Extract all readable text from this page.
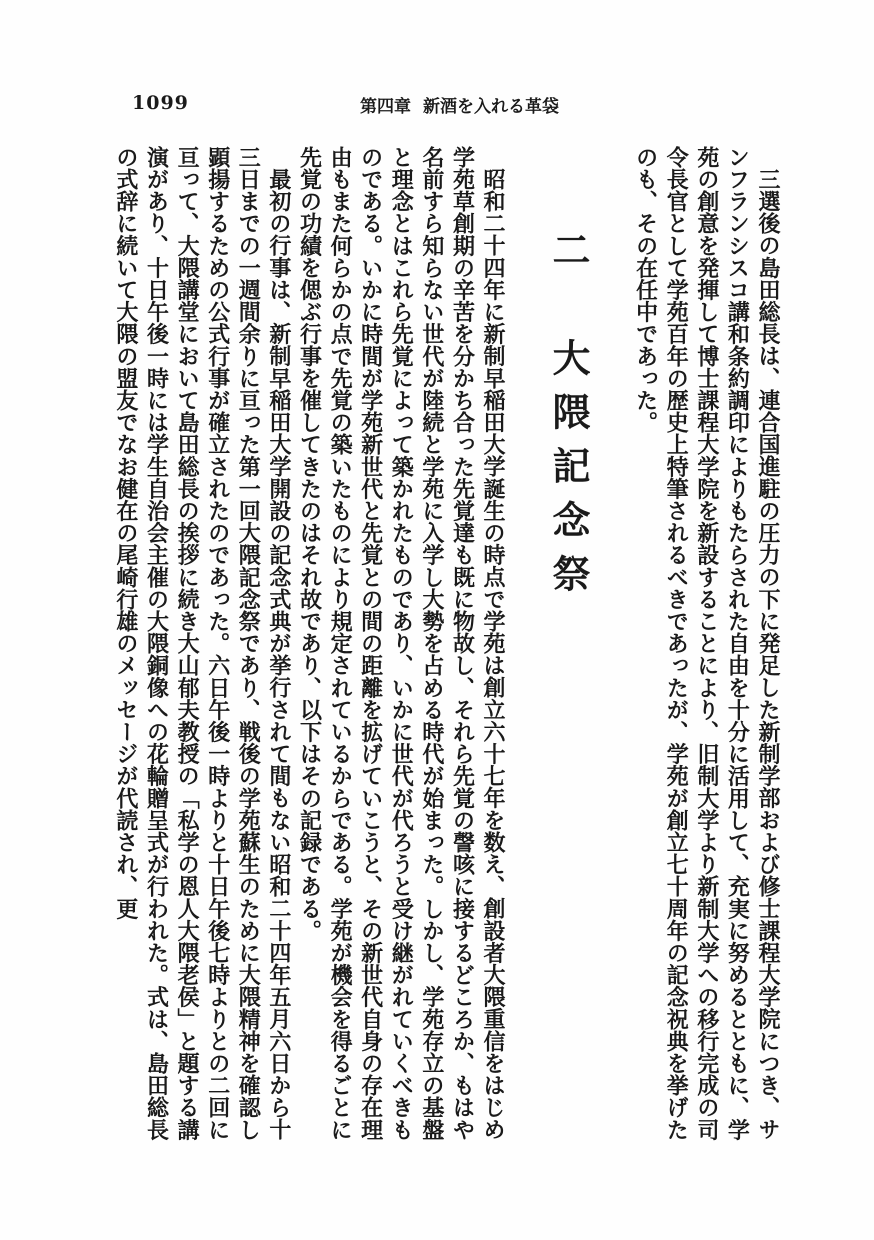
1099	第四章 新酒を入れる革袋

三選後の島田総長は、連合国進駐の圧力の下に発足した新制学部および修士課程大学院につき、サンフランシスコ講和条約調印によりもたらされた自由を十分に活用して、充実に努めるとともに、学苑の創意を発揮して博士課程大学院を新設することにより、旧制大学より新制大学への移行完成の司令長官として学苑百年の歴史上特筆されるべきであったが、学苑が創立七十周年の記念祝典を挙げたのも、その在任中であった。

二　大隈記念祭

昭和二十四年に新制早稲田大学誕生の時点で学苑は創立六十七年を数え、創設者大隈重信をはじめ学苑草創期の辛苦を分かち合った先覚達も既に物故し、それら先覚の謦咳に接するどころか、もはや名前すら知らない世代が陸続と学苑に入学し大勢を占める時代が始まった。しかし、学苑存立の基盤と理念とはこれら先覚によって築かれたものであり、いかに世代が代ろうと受け継がれていくべきものである。いかに時間が学苑新世代と先覚との間の距離を拡げていこうと、その新世代自身の存在理由もまた何らかの点で先覚の築いたものにより規定されているからである。学苑が機会を得るごとに先覚の功績を偲ぶ行事を催してきたのはそれ故であり、以下はその記録である。

最初の行事は、新制早稲田大学開設の記念式典が挙行されて間もない昭和二十四年五月六日から十三日までの一週間余りに亘った第一回大隈記念祭であり、戦後の学苑蘇生のために大隈精神を確認し顕揚するための公式行事が確立されたのであった。六日午後一時よりと十日午後七時よりとの二回に亘って、大隈講堂において島田総長の挨拶に続き大山郁夫教授の「私学の恩人大隈老侯」と題する講演があり、十日午後一時には学生自治会主催の大隈銅像への花輪贈呈式が行われた。式は、島田総長の式辞に続いて大隈の盟友でなお健在の尾崎行雄のメッセージが代読され、更
